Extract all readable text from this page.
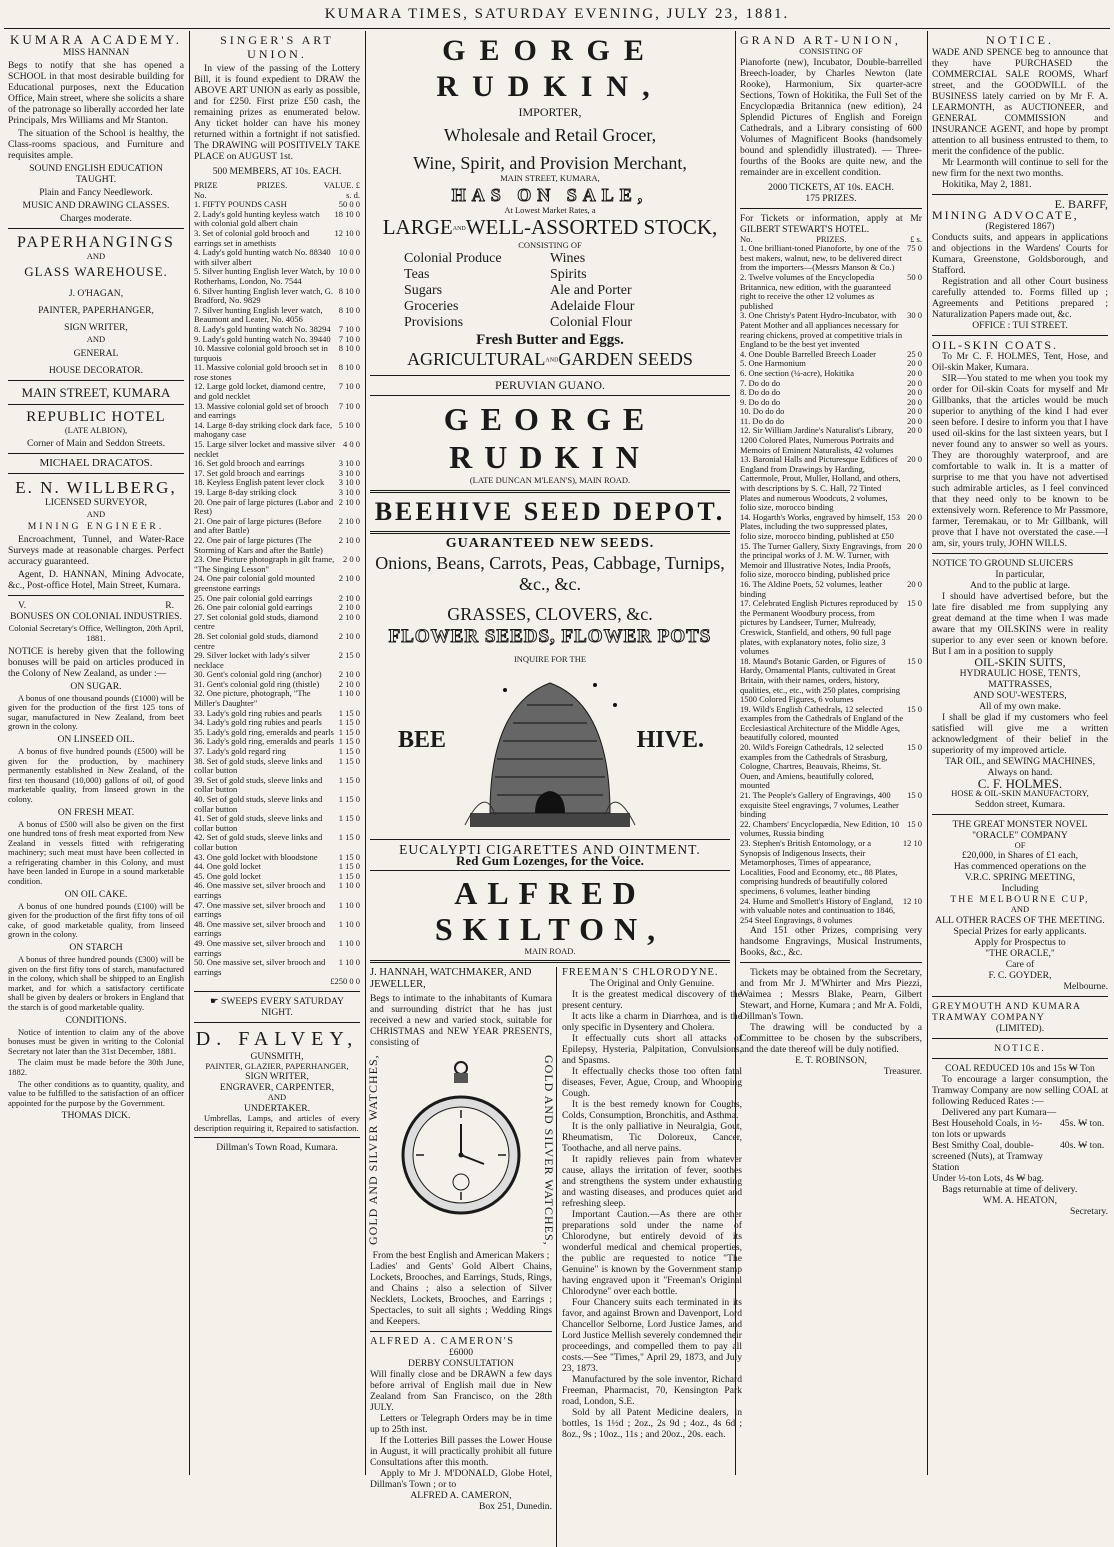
KUMARA TIMES, SATURDAY EVENING, JULY 23, 1881.
KUMARA ACADEMY.

MISS HANNAN

Begs to notify that she has opened a SCHOOL in that most desirable building for Educational purposes, next the Education Office, Main street, where she solicits a share of the patronage so liberally accorded her late Principals, Mrs Williams and Mr Stanton.

The situation of the School is healthy, the Class-rooms spacious, and Furniture and requisites ample.

SOUND ENGLISH EDUCATION TAUGHT.

Plain and Fancy Needlework.

MUSIC AND DRAWING CLASSES.

Charges moderate.

PAPERHANGINGS

AND

GLASS WAREHOUSE.

J. O'HAGAN,

PAINTER, PAPERHANGER,

SIGN WRITER,

AND

GENERAL

HOUSE DECORATOR.

MAIN STREET, KUMARA
REPUBLIC HOTEL

(LATE ALBION),

Corner of Main and Seddon Streets.

MICHAEL DRACATOS.

E. N. WILLBERG,

LICENSED SURVEYOR,

AND

MINING ENGINEER.

Encroachment, Tunnel, and Water-Race Surveys made at reasonable charges. Perfect accuracy guaranteed.

Agent, D. HANNAN, Mining Advocate, &c., Post-office Hotel, Main Street, Kumara.

V.	R.

BONUSES ON COLONIAL INDUSTRIES.

Colonial Secretary's Office, Wellington, 20th April, 1881.

NOTICE is hereby given that the following bonuses will be paid on articles produced in the Colony of New Zealand, as under :—

ON SUGAR.

A bonus of one thousand pounds (£1000) will be given for the production of the first 125 tons of sugar, manufactured in New Zealand, from beet grown in the colony.

ON LINSEED OIL.

A bonus of five hundred pounds (£500) will be given for the production, by machinery permanently established in New Zealand, of the first ten thousand (10,000) gallons of oil, of good marketable quality, from linseed grown in the colony.

ON FRESH MEAT.

A bonus of £500 will also be given on the first one hundred tons of fresh meat exported from New Zealand in vessels fitted with refrigerating machinery; such meat must have been collected in a refrigerating chamber in this Colony, and must have been landed in Europe in a sound marketable condition.

ON OIL CAKE.

A bonus of one hundred pounds (£100) will be given for the production of the first fifty tons of oil cake, of good marketable quality, from linseed grown in the colony.

ON STARCH

A bonus of three hundred pounds (£300) will be given on the first fifty tons of starch, manufactured in the colony, which shall be shipped to an English market, and for which a satisfactory certificate shall be given by dealers or brokers in England that the starch is of good marketable quality.

CONDITIONS.

Notice of intention to claim any of the above bonuses must be given in writing to the Colonial Secretary not later than the 31st December, 1881.

The claim must be made before the 30th June, 1882.

The other conditions as to quantity, quality, and value to be fulfilled to the satisfaction of an officer appointed for the purpose by the Government.

THOMAS DICK.

SINGER'S ART UNION.

In view of the passing of the Lottery Bill, it is found expedient to DRAW the ABOVE ART UNION as early as possible, and for £250. First prize £50 cash, the remaining prizes as enumerated below. Any ticket holder can have his money returned within a fortnight if not satisfied. The DRAWING will POSITIVELY TAKE PLACE on AUGUST 1st.

500 MEMBERS, AT 10s. EACH.

PRIZE No.
PRIZES.	VALUE. £ s. d.
1. FIFTY POUNDS CASH	50 0 0
2. Lady's gold hunting keyless watch with colonial gold albert chain
18 10 0
3. Set of colonial gold brooch and earrings set in amethists
12 10 0
4. Lady's gold hunting watch No. 88340 with silver albert
10 0 0
5. Silver hunting English lever Watch, by Rotherhams, London, No. 7544
10 0 0
6. Silver hunting English lever watch, G. Bradford, No. 9829
8 10 0
7. Silver hunting English lever watch, Beaumont and Leater, No. 4056
8 10 0
8. Lady's gold hunting watch No. 38294 7 10 0
9. Lady's gold hunting watch No. 39440 7 10 0
10. Massive colonial gold brooch set in turquois
8 10 0
11. Massive colonial gold brooch set in rose stones
8 10 0
12. Large gold locket, diamond centre, and gold necklet
7 10 0
13. Massive colonial gold set of brooch and earrings
7 10 0
14. Large 8-day striking clock dark face, mahogany case
5 10 0
15. Large silver locket and massive silver necklet
4 0 0
16. Set gold brooch and earrings	3 10 0
17. Set gold brooch and earrings	3 10 0
18. Keyless English patent lever clock	3 10 0
19. Large 8-day striking clock	3 10 0
20. One pair of large pictures (Labor and Rest)
2 10 0
21. One pair of large pictures (Before and after Battle)
2 10 0
22. One pair of large pictures (The Storming of Kars and after the Battle)
2 10 0
23. One Picture photograph in gilt frame, "The Singing Lesson"
2 0 0
24. One pair colonial gold mounted greenstone earrings
2 10 0
25. One pair colonial gold earrings	2 10 0
26. One pair colonial gold earrings	2 10 0
27. Set colonial gold studs, diamond centre
2 10 0
28. Set colonial gold studs, diamond centre
2 10 0
29. Silver locket with lady's silver necklace
2 15 0
30. Gent's colonial gold ring (anchor)	2 10 0
31. Gent's colonial gold ring (thistle)	2 10 0
32. One picture, photograph, "The Miller's Daughter"
1 10 0
33. Lady's gold ring rubies and pearls	1 15 0
34. Lady's gold ring rubies and pearls	1 15 0
35. Lady's gold ring, emeralds and pearls 1 15 0
36. Lady's gold ring, emeralds and pearls 1 15 0
37. Lady's gold regard ring	1 15 0
38. Set of gold studs, sleeve links and collar button
1 15 0
39. Set of gold studs, sleeve links and collar button
1 15 0
40. Set of gold studs, sleeve links and collar button
1 15 0
41. Set of gold studs, sleeve links and collar button
1 15 0
42. Set of gold studs, sleeve links and collar button
1 15 0
43. One gold locket with bloodstone	1 15 0
44. One gold locket	1 15 0
45. One gold locket	1 15 0
46. One massive set, silver brooch and earrings
1 10 0
47. One massive set, silver brooch and earrings
1 10 0
48. One massive set, silver brooch and earrings
1 10 0
49. One massive set, silver brooch and earrings
1 10 0
50. One massive set, silver brooch and earrings
1 10 0
£250 0 0

☛ SWEEPS EVERY SATURDAY NIGHT.

D. FALVEY,

GUNSMITH,

PAINTER, GLAZIER, PAPERHANGER,

SIGN WRITER,

ENGRAVER, CARPENTER,

AND

UNDERTAKER.

Umbrellas, Lamps, and articles of every description requiring it, Repaired to satisfaction.

Dillman's Town Road, Kumara.

GEORGE RUDKIN,

IMPORTER,

Wholesale and Retail Grocer,
Wine, Spirit, and Provision Merchant,

MAIN STREET, KUMARA,

HAS ON SALE,

At Lowest Market Rates, a

LARGEANDWELL-ASSORTED STOCK,

CONSISTING OF

Colonial Produce
Teas
Sugars
Groceries
Provisions
Wines
Spirits
Ale and Porter
Adelaide Flour
Colonial Flour
Fresh Butter and Eggs.
AGRICULTURALANDGARDEN SEEDS

PERUVIAN GUANO.

GEORGE RUDKIN

(LATE DUNCAN M'LEAN'S), MAIN ROAD.

BEEHIVE SEED DEPOT.
GUARANTEED NEW SEEDS.
Onions, Beans, Carrots, Peas, Cabbage, Turnips, &c., &c.
GRASSES, CLOVERS, &c.
FLOWER SEEDS, FLOWER POTS

INQUIRE FOR THE

BEE	HIVE.
EUCALYPTI CIGARETTES AND OINTMENT.
Red Gum Lozenges, for the Voice.
ALFRED SKILTON,

MAIN ROAD.

J. HANNAH, WATCHMAKER, AND JEWELLER,

Begs to intimate to the inhabitants of Kumara and surrounding district that he has just received a new and varied stock, suitable for CHRISTMAS and NEW YEAR PRESENTS, consisting of

GOLD AND SILVER WATCHES,	GOLD AND SILVER WATCHES,

From the best English and American Makers ;

Ladies' and Gents' Gold Albert Chains, Lockets, Brooches, and Earrings, Studs, Rings, and Chains ; also a selection of Silver Necklets, Lockets, Brooches, and Earrings ; Spectacles, to suit all sights ; Wedding Rings and Keepers.

ALFRED A. CAMERON'S

£6000

DERBY CONSULTATION

Will finally close and be DRAWN a few days before arrival of English mail due in New Zealand from San Francisco, on the 28th JULY.

Letters or Telegraph Orders may be in time up to 25th inst.

If the Lotteries Bill passes the Lower House in August, it will practically prohibit all future Consultations after this month.

Apply to Mr J. M'DONALD, Globe Hotel, Dillman's Town ; or to

ALFRED A. CAMERON,

Box 251, Dunedin.

FREEMAN'S CHLORODYNE.

The Original and Only Genuine.

It is the greatest medical discovery of the present century.

It acts like a charm in Diarrhœa, and is the only specific in Dysentery and Cholera.

It effectually cuts short all attacks of Epilepsy, Hysteria, Palpitation, Convulsions, and Spasms.

It effectually checks those too often fatal diseases, Fever, Ague, Croup, and Whooping Cough.

It is the best remedy known for Coughs, Colds, Consumption, Bronchitis, and Asthma.

It is the only palliative in Neuralgia, Gout, Rheumatism, Tic Doloreux, Cancer, Toothache, and all nerve pains.

It rapidly relieves pain from whatever cause, allays the irritation of fever, soothes and strengthens the system under exhausting and wasting diseases, and produces quiet and refreshing sleep.

Important Caution.—As there are other preparations sold under the name of Chlorodyne, but entirely devoid of its wonderful medical and chemical properties, the public are requested to notice "The Genuine" is known by the Government stamp having engraved upon it "Freeman's Original Chlorodyne" over each bottle.

Four Chancery suits each terminated in its favor, and against Brown and Davenport, Lord Chancellor Selborne, Lord Justice James, and Lord Justice Mellish severely condemned their proceedings, and compelled them to pay all costs.—See "Times," April 29, 1873, and July 23, 1873.

Manufactured by the sole inventor, Richard Freeman, Pharmacist, 70, Kensington Park road, London, S.E.

Sold by all Patent Medicine dealers, in bottles, 1s 1½d ; 2oz., 2s 9d ; 4oz., 4s 6d ; 8oz., 9s ; 10oz., 11s ; and 20oz., 20s. each.

GRAND ART-UNION,

CONSISTING OF

Pianoforte (new), Incubator, Double-barrelled Breech-loader, by Charles Newton (late Rooke), Harmonium, Six quarter-acre Sections, Town of Hokitika, the Full Set of the Encyclopædia Britannica (new edition), 24 Splendid Pictures of English and Foreign Cathedrals, and a Library consisting of 600 Volumes of Magnificent Books (handsomely bound and splendidly illustrated). — Three-fourths of the Books are quite new, and the remainder are in excellent condition.

2000 TICKETS, AT 10s. EACH.

175 PRIZES.

For Tickets or information, apply at Mr GILBERT STEWART'S HOTEL.

No.	PRIZES.	£ s.
1. One brilliant-toned Pianoforte, by one of the best makers, walnut, new, to be delivered direct from the importers—(Messrs Manson & Co.)
75 0
2. Twelve volumes of the Encyclopedia Britannica, new edition, with the guaranteed right to receive the other 12 volumes as published
50 0
3. One Christy's Patent Hydro-Incubator, with Patent Mother and all appliances necessary for rearing chickens, proved at competitive trials in England to be the best yet invented
30 0
4. One Double Barrelled Breech Loader	25 0
5. One Harmonium	20 0
6. One section (¼-acre), Hokitika	20 0
7. Do do do	20 0
8. Do do do	20 0
9. Do do do	20 0
10. Do do do	20 0
11. Do do do	20 0
12. Sir William Jardine's Naturalist's Library, 1200 Colored Plates, Numerous Portraits and Memoirs of Eminent Naturalists, 42 volumes
20 0
13. Baronial Halls and Picturesque Edifices of England from Drawings by Harding, Cattermole, Prout, Muller, Holland, and others, with descriptions by S. C. Hall, 72 Tinted Plates and numerous Woodcuts, 2 volumes, folio size, morocco binding
20 0
14. Hogarth's Works, engraved by himself, 153 Plates, including the two suppressed plates, folio size, morocco binding, published at £50
20 0
15. The Turner Gallery, Sixty Engravings, from the principal works of J. M. W. Turner, with Memoir and Illustrative Notes, India Proofs, folio size, morocco binding, published price
20 0
16. The Aldine Poets, 52 volumes, leather binding
20 0
17. Celebrated English Pictures reproduced by the Permanent Woodbury process, from pictures by Landseer, Turner, Mulready, Creswick, Stanfield, and others, 90 full page plates, with explanatory notes, folio size, 3 volumes
15 0
18. Maund's Botanic Garden, or Figures of Hardy, Ornamental Plants, cultivated in Great Britain, with their names, orders, history, qualities, etc., etc., with 250 plates, comprising 1500 Colored Figures, 6 volumes
15 0
19. Wild's English Cathedrals, 12 selected examples from the Cathedrals of England of the Ecclesiastical Architecture of the Middle Ages, beautifully colored, mounted
15 0
20. Wild's Foreign Cathedrals, 12 selected examples from the Cathedrals of Strasburg, Cologne, Chartres, Beauvais, Rheims, St. Ouen, and Amiens, beautifully colored, mounted
15 0
21. The People's Gallery of Engravings, 400 exquisite Steel engravings, 7 volumes, Leather binding
15 0
22. Chambers' Encyclopædia, New Edition, 10 volumes, Russia binding
15 0
23. Stephen's British Entomology, or a Synopsis of Indigenous Insects, their Metamorphoses, Times of appearance, Localities, Food and Economy, etc., 88 Plates, comprising hundreds of beautifully colored specimens, 6 volumes, leather binding
12 10
24. Hume and Smollett's History of England, with valuable notes and continuation to 1846, 254 Steel Engravings, 8 volumes
12 10

And 151 other Prizes, comprising very handsome Engravings, Musical Instruments, Books, &c., &c.

Tickets may be obtained from the Secretary, and from Mr J. M'Whirter and Mrs Piezzi, Waimea ; Messrs Blake, Pearn, Gilbert Stewart, and Horne, Kumara ; and Mr A. Foldi, Dillman's Town.

The drawing will be conducted by a Committee to be chosen by the subscribers, and the date thereof will be duly notified.

E. T. ROBINSON,

Treasurer.

NOTICE.

WADE AND SPENCE beg to announce that they have PURCHASED the COMMERCIAL SALE ROOMS, Wharf street, and the GOODWILL of the BUSINESS lately carried on by Mr F. A. LEARMONTH, as AUCTIONEER, and GENERAL COMMISSION and INSURANCE AGENT, and hope by prompt attention to all business entrusted to them, to merit the confidence of the public.

Mr Learmonth will continue to sell for the new firm for the next two months.

Hokitika, May 2, 1881.

E. BARFF,

MINING ADVOCATE,

(Registered 1867)

Conducts suits, and appears in applications and objections in the Wardens' Courts for Kumara, Greenstone, Goldsborough, and Stafford.

Registration and all other Court business carefully attended to. Forms filled up ; Agreements and Petitions prepared ; Naturalization Papers made out, &c.

OFFICE : TUI STREET.

OIL-SKIN COATS.

To Mr C. F. HOLMES, Tent, Hose, and Oil-skin Maker, Kumara.

SIR—You stated to me when you took my order for Oil-skin Coats for myself and Mr Gillbanks, that the articles would be much superior to anything of the kind I had ever seen before. I desire to inform you that I have used oil-skins for the last sixteen years, but I never found any to answer so well as yours. They are thoroughly waterproof, and are comfortable to walk in. It is a matter of surprise to me that you have not advertised such admirable articles, as I feel convinced that they need only to be known to be extensively worn. Reference to Mr Passmore, farmer, Teremakau, or to Mr Gillbank, will prove that I have not overstated the case.—I am, sir, yours truly, JOHN WILLS.

NOTICE TO GROUND SLUICERS

In particular,

And to the public at large.

I should have advertised before, but the late fire disabled me from supplying any great demand at the time when I was made aware that my OILSKINS were in reality superior to any ever seen or known before. But I am in a position to supply

OIL-SKIN SUITS,

HYDRAULIC HOSE, TENTS,

MATTRASSES,

AND SOU'-WESTERS,

All of my own make.

I shall be glad if my customers who feel satisfied will give me a written acknowledgment of their belief in the superiority of my improved article.

TAR OIL, and SEWING MACHINES,

Always on hand.

C. F. HOLMES.

HOSE & OIL-SKIN MANUFACTORY,

Seddon street, Kumara.

THE GREAT MONSTER NOVEL

"ORACLE" COMPANY

OF

£20,000, in Shares of £1 each,

Has commenced operations on the

V.R.C. SPRING MEETING,

Including

THE MELBOURNE CUP,

AND

ALL OTHER RACES OF THE MEETING.

Special Prizes for early applicants.

Apply for Prospectus to

"THE ORACLE,"

Care of

F. C. GOYDER,

Melbourne.

GREYMOUTH AND KUMARA TRAMWAY COMPANY

(LIMITED).

NOTICE.

COAL REDUCED 10s and 15s ₩ Ton

To encourage a larger consumption, the Tramway Company are now selling COAL at following Reduced Rates :—

Delivered any part Kumara—

Best Household Coals, in ½-ton lots or upwards
45s. ₩ ton.
Best Smithy Coal, double-screened (Nuts), at Tramway Station
40s. ₩ ton.

Under ½-ton Lots, 4s ₩ bag.

Bags returnable at time of delivery.

WM. A. HEATON,

Secretary.
